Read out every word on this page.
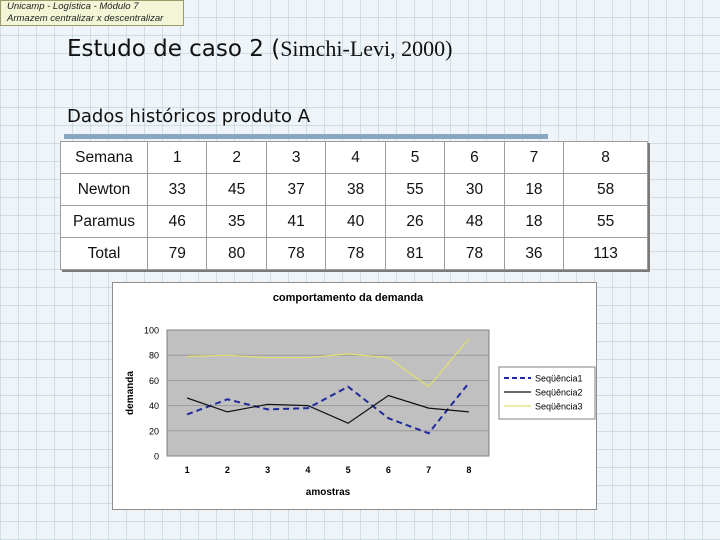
Unicamp - Logística - Módulo 7
Armazem centralizar x descentralizar
Estudo de caso 2 (Simchi-Levi, 2000)
Dados históricos produto A
Semana	1	2	3	4	5	6	7	8
Newton	33	45	37	38	55	30	18	58
Paramus	46	35	41	40	26	48	18	55
Total	79	80	78	78	81	78	36	113
comportamento da demanda
0
20
40
60
80
100
1	2	3	4	5	6	7	8
amostras
demanda	Seqüência1
Seqüência2
Seqüência3
